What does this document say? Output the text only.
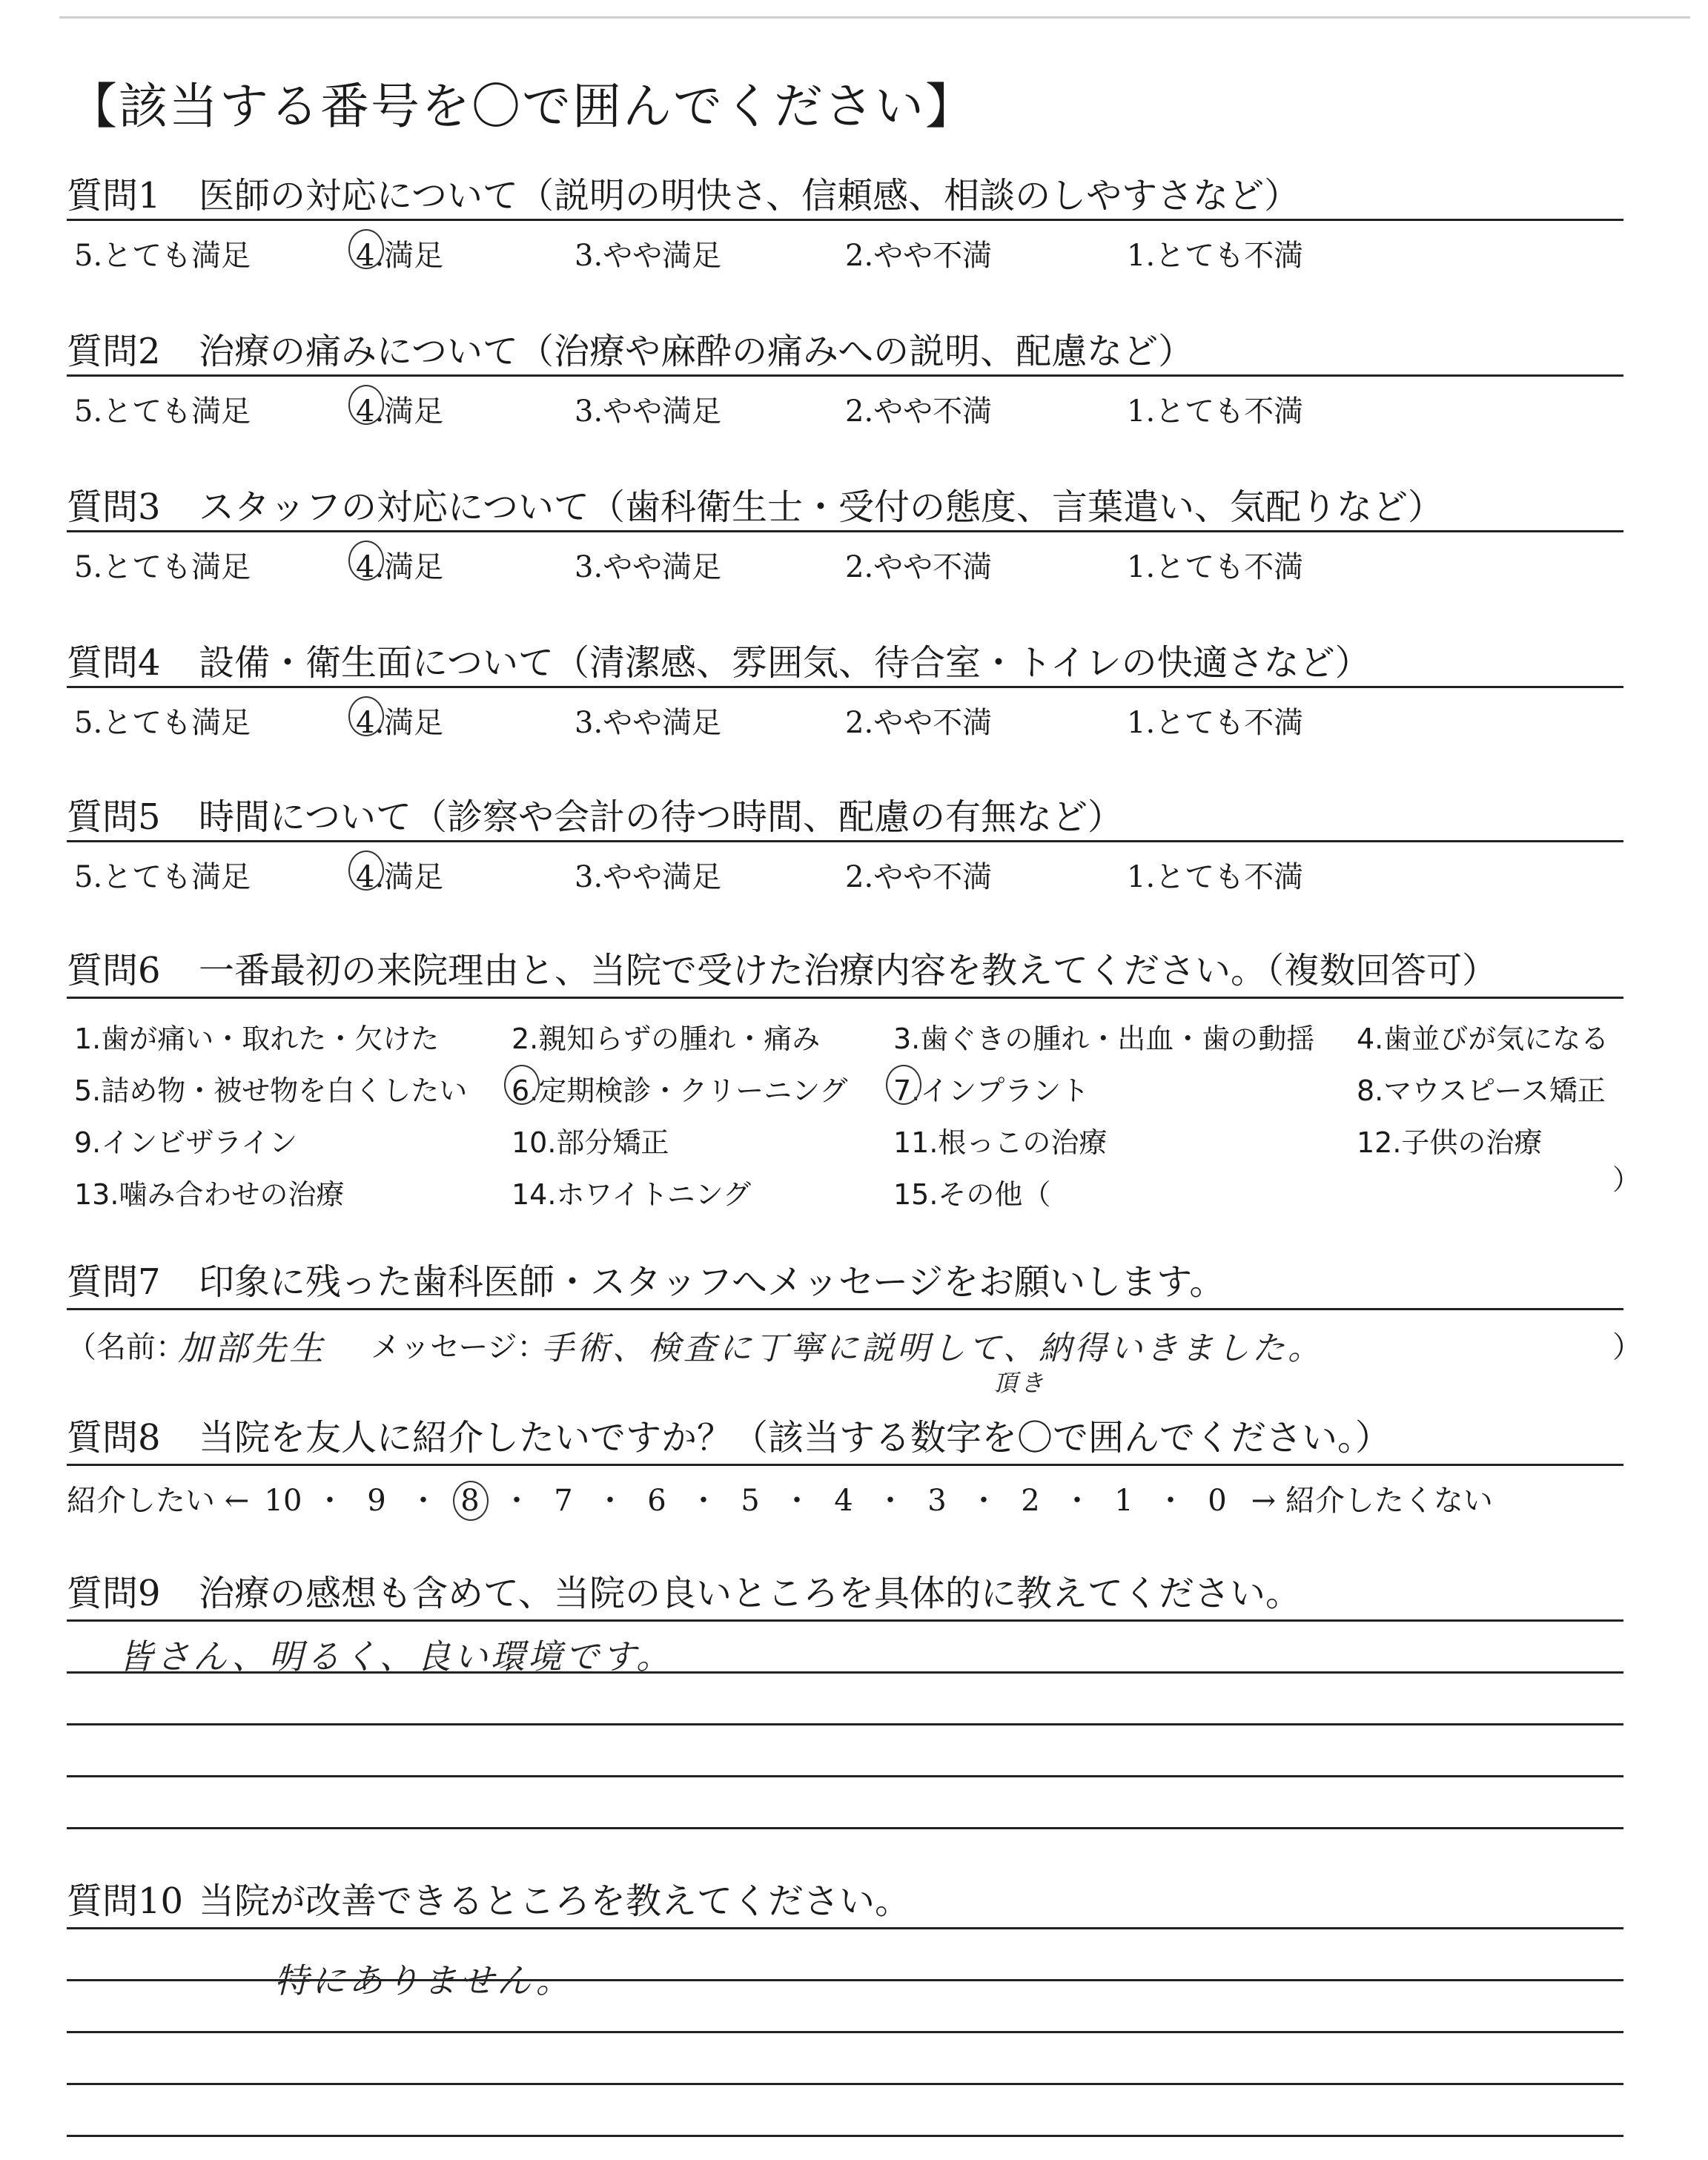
【該当する番号を〇で囲んでください】
質問1 医師の対応について（説明の明快さ、信頼感、相談のしやすさなど）
5.とても満足	4.満足	3.やや満足	2.やや不満	1.とても不満
質問2 治療の痛みについて（治療や麻酔の痛みへの説明、配慮など）
5.とても満足	4.満足	3.やや満足	2.やや不満	1.とても不満
質問3 スタッフの対応について（歯科衛生士・受付の態度、言葉遣い、気配りなど）
5.とても満足	4.満足	3.やや満足	2.やや不満	1.とても不満
質問4 設備・衛生面について（清潔感、雰囲気、待合室・トイレの快適さなど）
5.とても満足	4.満足	3.やや満足	2.やや不満	1.とても不満
質問5 時間について（診察や会計の待つ時間、配慮の有無など）
5.とても満足	4.満足	3.やや満足	2.やや不満	1.とても不満
質問6 一番最初の来院理由と、当院で受けた治療内容を教えてください。（複数回答可）
1.歯が痛い・取れた・欠けた	2.親知らずの腫れ・痛み	3.歯ぐきの腫れ・出血・歯の動揺 4.歯並びが気になる
5.詰め物・被せ物を白くしたい 6.定期検診・クリーニング 7.インプラント	8.マウスピース矯正
9.インビザライン	10.部分矯正	11.根っこの治療	12.子供の治療
13.噛み合わせの治療	14.ホワイトニング	15.その他（	）
質問7 印象に残った歯科医師・スタッフへメッセージをお願いします。
（名前：
加部先生 メッセージ：
手術、検査に丁寧に説明して、納得いきました。
頂き
）
質問8 当院を友人に紹介したいですか？（該当する数字を〇で囲んでください。）
紹介したい ← 10 ・ 9 ・ 8 ・ 7 ・ 6 ・ 5 ・ 4 ・ 3 ・ 2 ・ 1 ・ 0 → 紹介したくない
質問9 治療の感想も含めて、当院の良いところを具体的に教えてください。
皆さん、明るく、良い環境です。
質問10 当院が改善できるところを教えてください。
特にありません。
